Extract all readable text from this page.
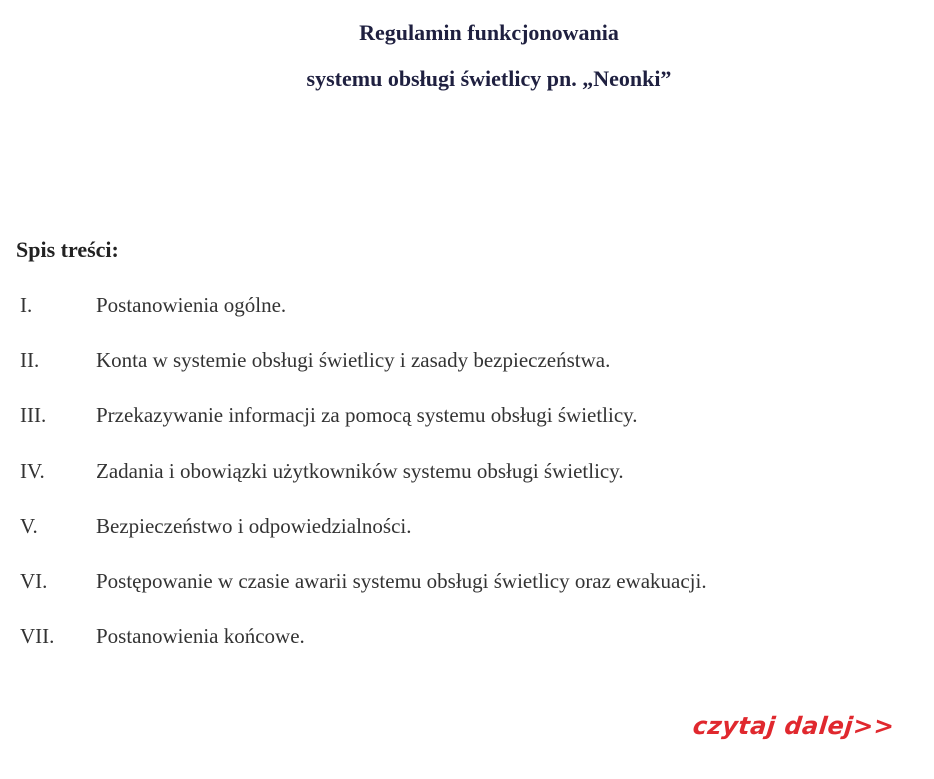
Regulamin funkcjonowania
systemu obsługi świetlicy pn. „Neonki”
Spis treści:
I.	Postanowienia ogólne.
II.	Konta w systemie obsługi świetlicy i zasady bezpieczeństwa.
III.	Przekazywanie informacji za pomocą systemu obsługi świetlicy.
IV.	Zadania i obowiązki użytkowników systemu obsługi świetlicy.
V.	Bezpieczeństwo i odpowiedzialności.
VI.	Postępowanie w czasie awarii systemu obsługi świetlicy oraz ewakuacji.
VII.	Postanowienia końcowe.
czytaj dalej>>
